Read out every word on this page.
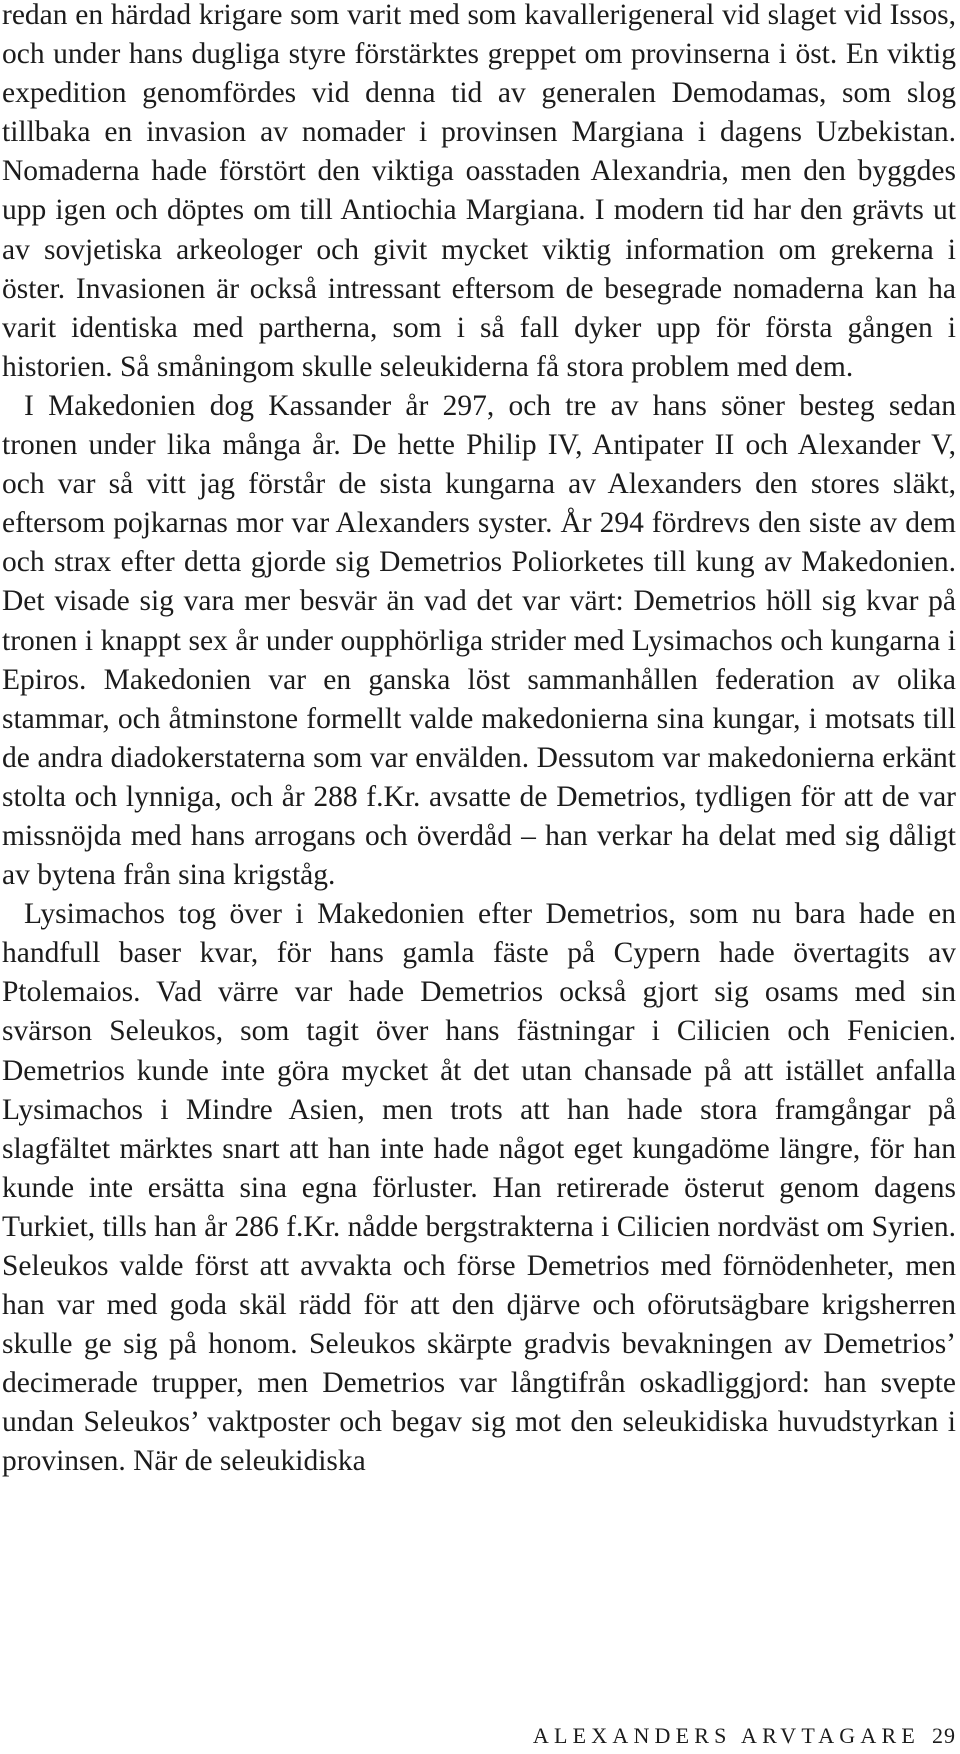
redan en härdad krigare som varit med som kavallerigeneral vid slaget vid Issos, och under hans dugliga styre förstärktes greppet om provinserna i öst. En viktig expedition genomfördes vid denna tid av generalen Demodamas, som slog tillbaka en invasion av nomader i provinsen Margiana i dagens Uzbekistan. Nomaderna hade förstört den viktiga oasstaden Alexandria, men den byggdes upp igen och döptes om till Antiochia Margiana. I modern tid har den grävts ut av sovjetiska arkeologer och givit mycket viktig information om grekerna i öster. Invasionen är också intressant eftersom de besegrade nomaderna kan ha varit identiska med partherna, som i så fall dyker upp för första gången i historien. Så småningom skulle seleukiderna få stora problem med dem.

I Makedonien dog Kassander år 297, och tre av hans söner besteg sedan tronen under lika många år. De hette Philip IV, Antipater II och Alexander V, och var så vitt jag förstår de sista kungarna av Alexanders den stores släkt, eftersom pojkarnas mor var Alexanders syster. År 294 fördrevs den siste av dem och strax efter detta gjorde sig Demetrios Poliorketes till kung av Makedonien. Det visade sig vara mer besvär än vad det var värt: Demetrios höll sig kvar på tronen i knappt sex år under oupphörliga strider med Lysimachos och kungarna i Epiros. Makedonien var en ganska löst sammanhållen federation av olika stammar, och åtminstone formellt valde makedonierna sina kungar, i motsats till de andra diadokerstaterna som var envälden. Dessutom var makedonierna erkänt stolta och lynniga, och år 288 f.Kr. avsatte de Demetrios, tydligen för att de var missnöjda med hans arrogans och överdåd – han verkar ha delat med sig dåligt av bytena från sina krigståg.

Lysimachos tog över i Makedonien efter Demetrios, som nu bara hade en handfull baser kvar, för hans gamla fäste på Cypern hade övertagits av Ptolemaios. Vad värre var hade Demetrios också gjort sig osams med sin svärson Seleukos, som tagit över hans fästningar i Cilicien och Fenicien. Demetrios kunde inte göra mycket åt det utan chansade på att istället anfalla Lysimachos i Mindre Asien, men trots att han hade stora framgångar på slagfältet märktes snart att han inte hade något eget kungadöme längre, för han kunde inte ersätta sina egna förluster. Han retirerade österut genom dagens Turkiet, tills han år 286 f.Kr. nådde bergstrakterna i Cilicien nordväst om Syrien. Seleukos valde först att avvakta och förse Demetrios med förnödenheter, men han var med goda skäl rädd för att den djärve och oförutsägbare krigsherren skulle ge sig på honom. Seleukos skärpte gradvis bevakningen av Demetrios’ decimerade trupper, men Demetrios var långtifrån oskadliggjord: han svepte undan Seleukos’ vaktposter och begav sig mot den seleukidiska huvudstyrkan i provinsen. När de seleukidiska

ALEXANDERS ARVTAGARE 29
